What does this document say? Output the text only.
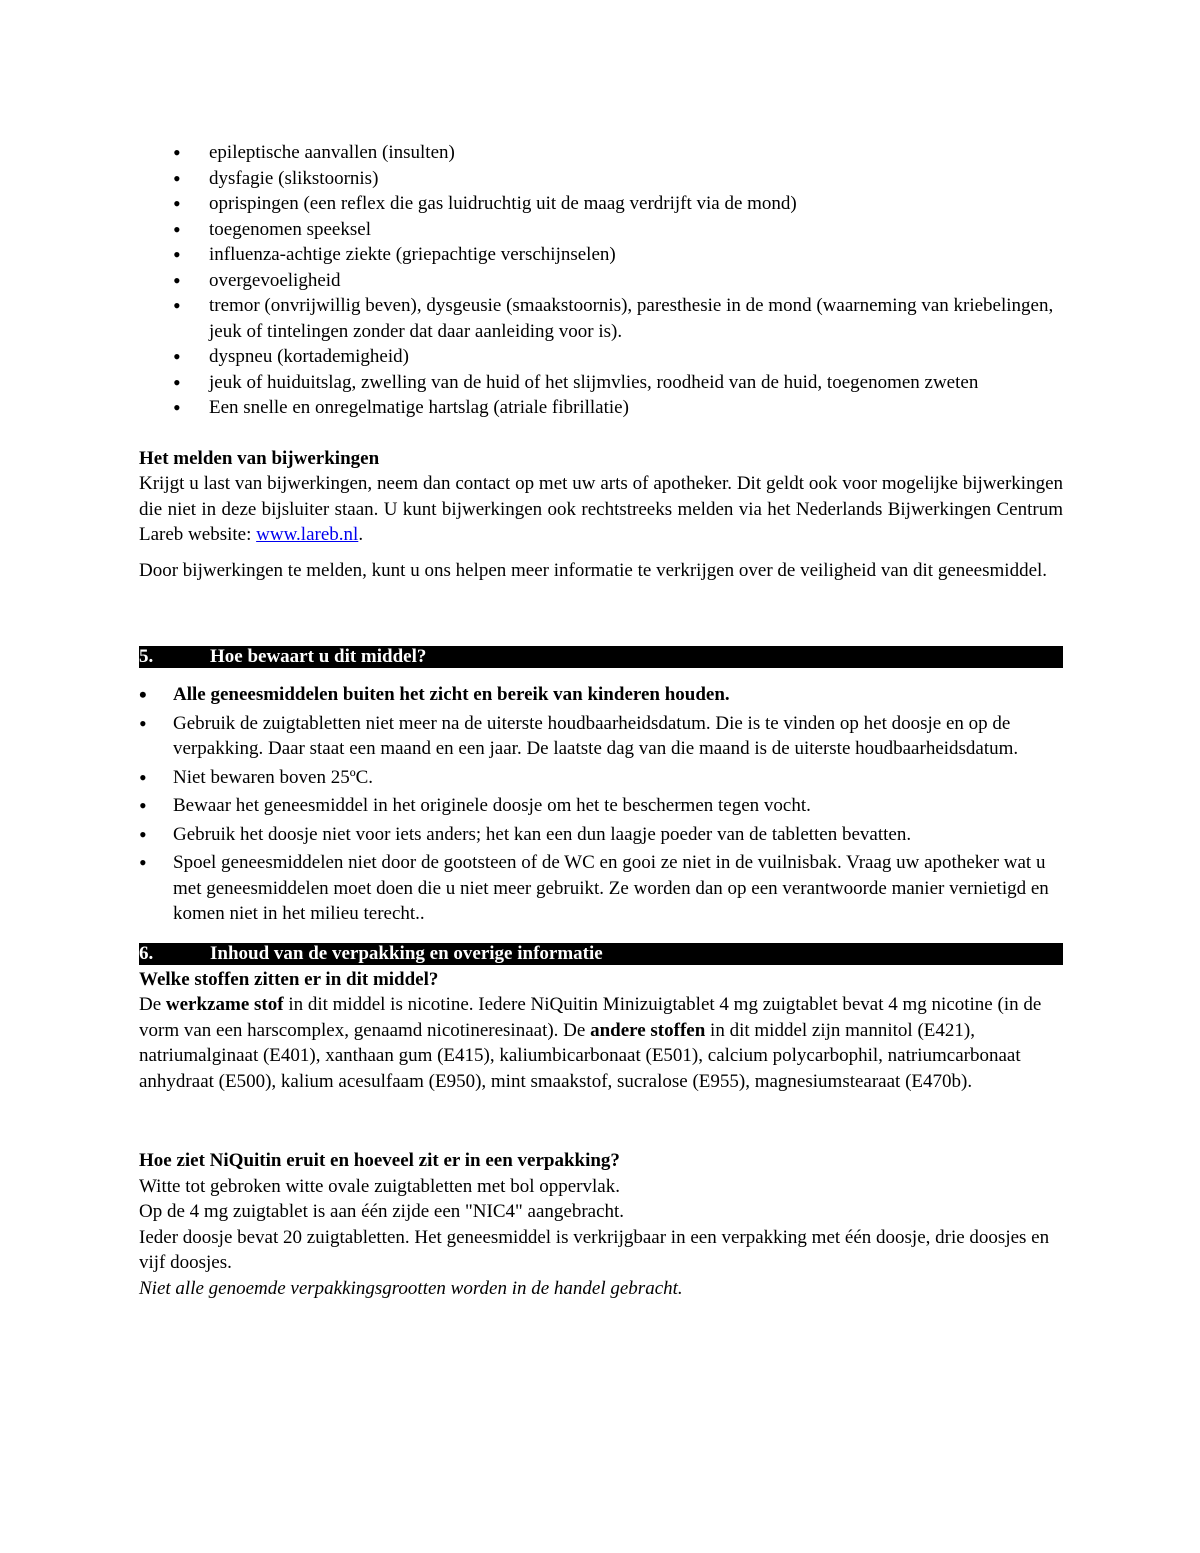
• epileptische aanvallen (insulten)
• dysfagie (slikstoornis)
• oprispingen (een reflex die gas luidruchtig uit de maag verdrijft via de mond)
• toegenomen speeksel
• influenza-achtige ziekte (griepachtige verschijnselen)
• overgevoeligheid
• tremor (onvrijwillig beven), dysgeusie (smaakstoornis), paresthesie in de mond (waarneming van kriebelingen, jeuk of tintelingen zonder dat daar aanleiding voor is).
• dyspneu (kortademigheid)
• jeuk of huiduitslag, zwelling van de huid of het slijmvlies, roodheid van de huid, toegenomen zweten
• Een snelle en onregelmatige hartslag (atriale fibrillatie)

Het melden van bijwerkingen

Krijgt u last van bijwerkingen, neem dan contact op met uw arts of apotheker. Dit geldt ook voor mogelijke bijwerkingen die niet in deze bijsluiter staan. U kunt bijwerkingen ook rechtstreeks melden via het Nederlands Bijwerkingen Centrum Lareb website: www.lareb.nl.

Door bijwerkingen te melden, kunt u ons helpen meer informatie te verkrijgen over de veiligheid van dit geneesmiddel.

5.	Hoe bewaart u dit middel?
• Alle geneesmiddelen buiten het zicht en bereik van kinderen houden.
• Gebruik de zuigtabletten niet meer na de uiterste houdbaarheidsdatum. Die is te vinden op het doosje en op de verpakking. Daar staat een maand en een jaar. De laatste dag van die maand is de uiterste houdbaarheidsdatum.
• Niet bewaren boven 25ºC.
• Bewaar het geneesmiddel in het originele doosje om het te beschermen tegen vocht.
• Gebruik het doosje niet voor iets anders; het kan een dun laagje poeder van de tabletten bevatten.
• Spoel geneesmiddelen niet door de gootsteen of de WC en gooi ze niet in de vuilnisbak. Vraag uw apotheker wat u met geneesmiddelen moet doen die u niet meer gebruikt. Ze worden dan op een verantwoorde manier vernietigd en komen niet in het milieu terecht..
6.	Inhoud van de verpakking en overige informatie

Welke stoffen zitten er in dit middel?

De werkzame stof in dit middel is nicotine. Iedere NiQuitin Minizuigtablet 4 mg zuigtablet bevat 4 mg nicotine (in de vorm van een harscomplex, genaamd nicotineresinaat). De andere stoffen in dit middel zijn mannitol (E421), natriumalginaat (E401), xanthaan gum (E415), kaliumbicarbonaat (E501), calcium polycarbophil, natriumcarbonaat anhydraat (E500), kalium acesulfaam (E950), mint smaakstof, sucralose (E955), magnesiumstearaat (E470b).

Hoe ziet NiQuitin eruit en hoeveel zit er in een verpakking?

Witte tot gebroken witte ovale zuigtabletten met bol oppervlak.

Op de 4 mg zuigtablet is aan één zijde een "NIC4" aangebracht.

Ieder doosje bevat 20 zuigtabletten. Het geneesmiddel is verkrijgbaar in een verpakking met één doosje, drie doosjes en vijf doosjes.

Niet alle genoemde verpakkingsgrootten worden in de handel gebracht.
